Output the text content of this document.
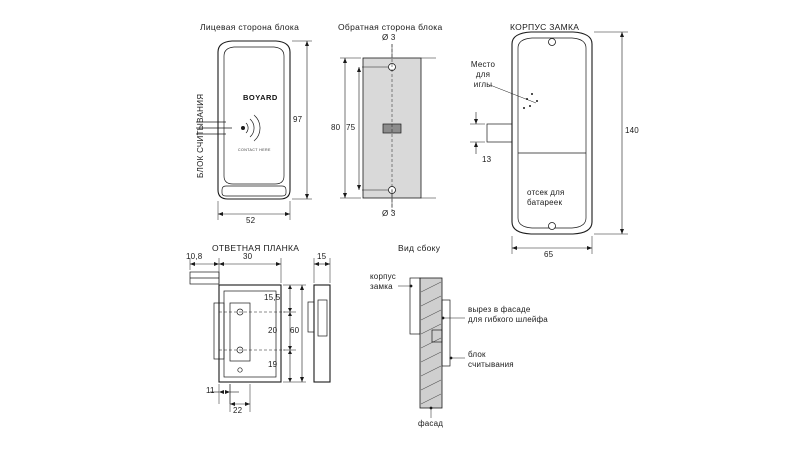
Лицевая сторона блока	Обратная сторона блока	КОРПУС ЗАМКА
ОТВЕТНАЯ ПЛАНКА	Вид сбоку
БЛОК СЧИТЫВАНИЯ	BOYARD
CONTACT HERE
97
52
Ø 3
Ø 3
80 75
Место
для
иглы
отсек для
батареек
140
65
13
10,8	30	15
15,5
20
19
60
11
22
корпус
замка
вырез в фасаде
для гибкого шлейфа
блок
считывания
фасад
